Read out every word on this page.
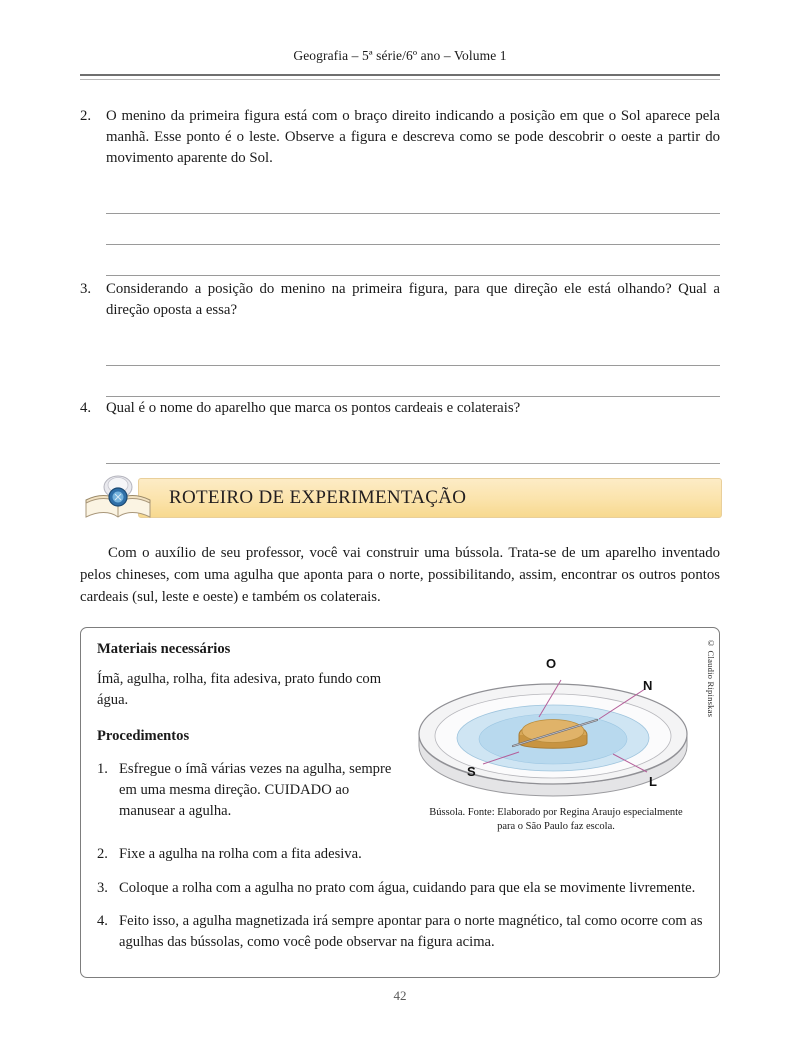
Geografia – 5ª série/6º ano – Volume 1
2.	O menino da primeira figura está com o braço direito indicando a posição em que o Sol aparece pela manhã. Esse ponto é o leste. Observe a figura e descreva como se pode descobrir o oeste a partir do movimento aparente do Sol.
3.	Considerando a posição do menino na primeira figura, para que direção ele está olhando? Qual a direção oposta a essa?
4.	Qual é o nome do aparelho que marca os pontos cardeais e colaterais?
ROTEIRO DE EXPERIMENTAÇÃO
Com o auxílio de seu professor, você vai construir uma bússola. Trata-se de um aparelho inventado pelos chineses, com uma agulha que aponta para o norte, possibilitando, assim, encontrar os outros pontos cardeais (sul, leste e oeste) e também os colaterais.
Materiais necessários
Ímã, agulha, rolha, fita adesiva, prato fundo com água.
Procedimentos
1. Esfregue o ímã várias vezes na agulha, sempre em uma mesma direção. CUIDADO ao manusear a agulha.
O
N
S
L
Bússola. Fonte: Elaborado por Regina Araujo especialmente para o São Paulo faz escola.
© Claudio Ripinskas
2. Fixe a agulha na rolha com a fita adesiva.
3. Coloque a rolha com a agulha no prato com água, cuidando para que ela se movimente livremente.
4. Feito isso, a agulha magnetizada irá sempre apontar para o norte magnético, tal como ocorre com as agulhas das bússolas, como você pode observar na figura acima.
42
